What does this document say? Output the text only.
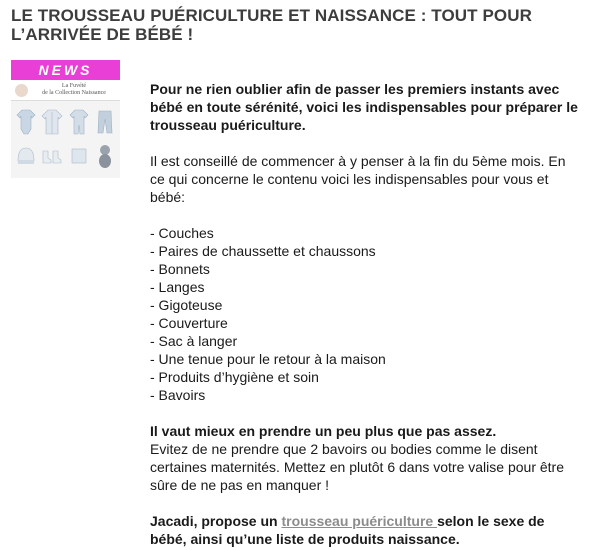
LE TROUSSEAU PUÉRICULTURE ET NAISSANCE : TOUT POUR L’ARRIVÉE DE BÉBÉ !
NEWS
La Fuvété
de la Collection Naissance	Pour ne rien oublier afin de passer les premiers instants avec bébé en toute sérénité, voici les indispensables pour préparer le trousseau puériculture.

Il est conseillé de commencer à y penser à la fin du 5ème mois. En ce qui concerne le contenu voici les indispensables pour vous et bébé:

- Couches
- Paires de chaussette et chaussons
- Bonnets
- Langes
- Gigoteuse
- Couverture
- Sac à langer
- Une tenue pour le retour à la maison
- Produits d’hygiène et soin
- Bavoirs

Il vaut mieux en prendre un peu plus que pas assez.
Evitez de ne prendre que 2 bavoirs ou bodies comme le disent certaines maternités. Mettez en plutôt 6 dans votre valise pour être sûre de ne pas en manquer !

Jacadi, propose un trousseau puériculture selon le sexe de bébé, ainsi qu’une liste de produits naissance.
